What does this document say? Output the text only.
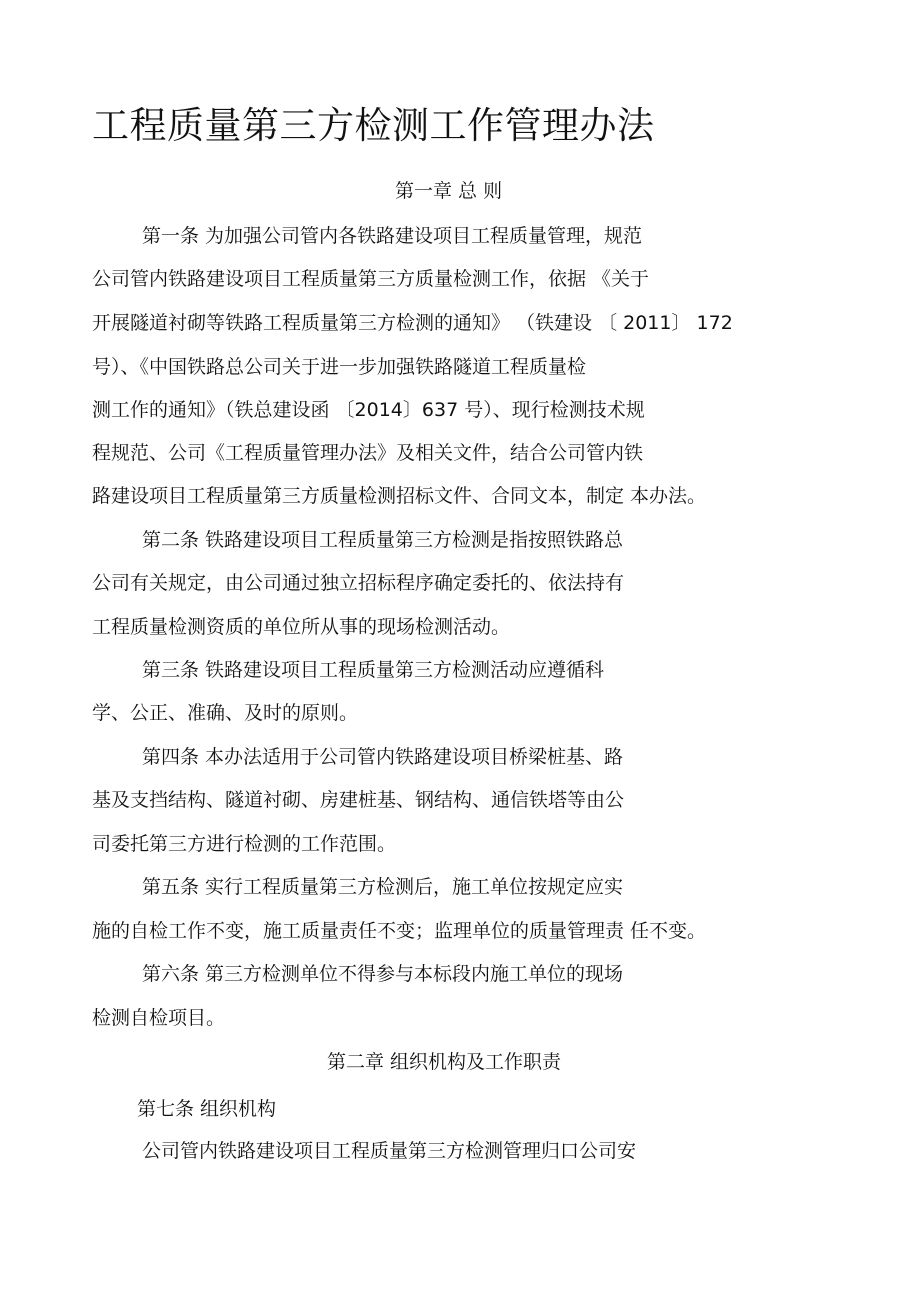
工程质量第三方检测工作管理办法

第一章 总 则

第一条 为加强公司管内各铁路建设项目工程质量管理，规范

公司管内铁路建设项目工程质量第三方质量检测工作，依据 《关于

开展隧道衬砌等铁路工程质量第三方检测的通知》 （铁建设 〔 2011〕 172

号）、《中国铁路总公司关于进一步加强铁路隧道工程质量检

测工作的通知》（铁总建设函 〔2014〕637 号）、现行检测技术规

程规范、公司《工程质量管理办法》及相关文件，结合公司管内铁

路建设项目工程质量第三方质量检测招标文件、合同文本，制定 本办法。

第二条 铁路建设项目工程质量第三方检测是指按照铁路总

公司有关规定，由公司通过独立招标程序确定委托的、依法持有

工程质量检测资质的单位所从事的现场检测活动。

第三条 铁路建设项目工程质量第三方检测活动应遵循科

学、公正、准确、及时的原则。

第四条 本办法适用于公司管内铁路建设项目桥梁桩基、路

基及支挡结构、隧道衬砌、房建桩基、钢结构、通信铁塔等由公

司委托第三方进行检测的工作范围。

第五条 实行工程质量第三方检测后，施工单位按规定应实

施的自检工作不变，施工质量责任不变；监理单位的质量管理责 任不变。

第六条 第三方检测单位不得参与本标段内施工单位的现场

检测自检项目。

第二章 组织机构及工作职责

第七条 组织机构

公司管内铁路建设项目工程质量第三方检测管理归口公司安
